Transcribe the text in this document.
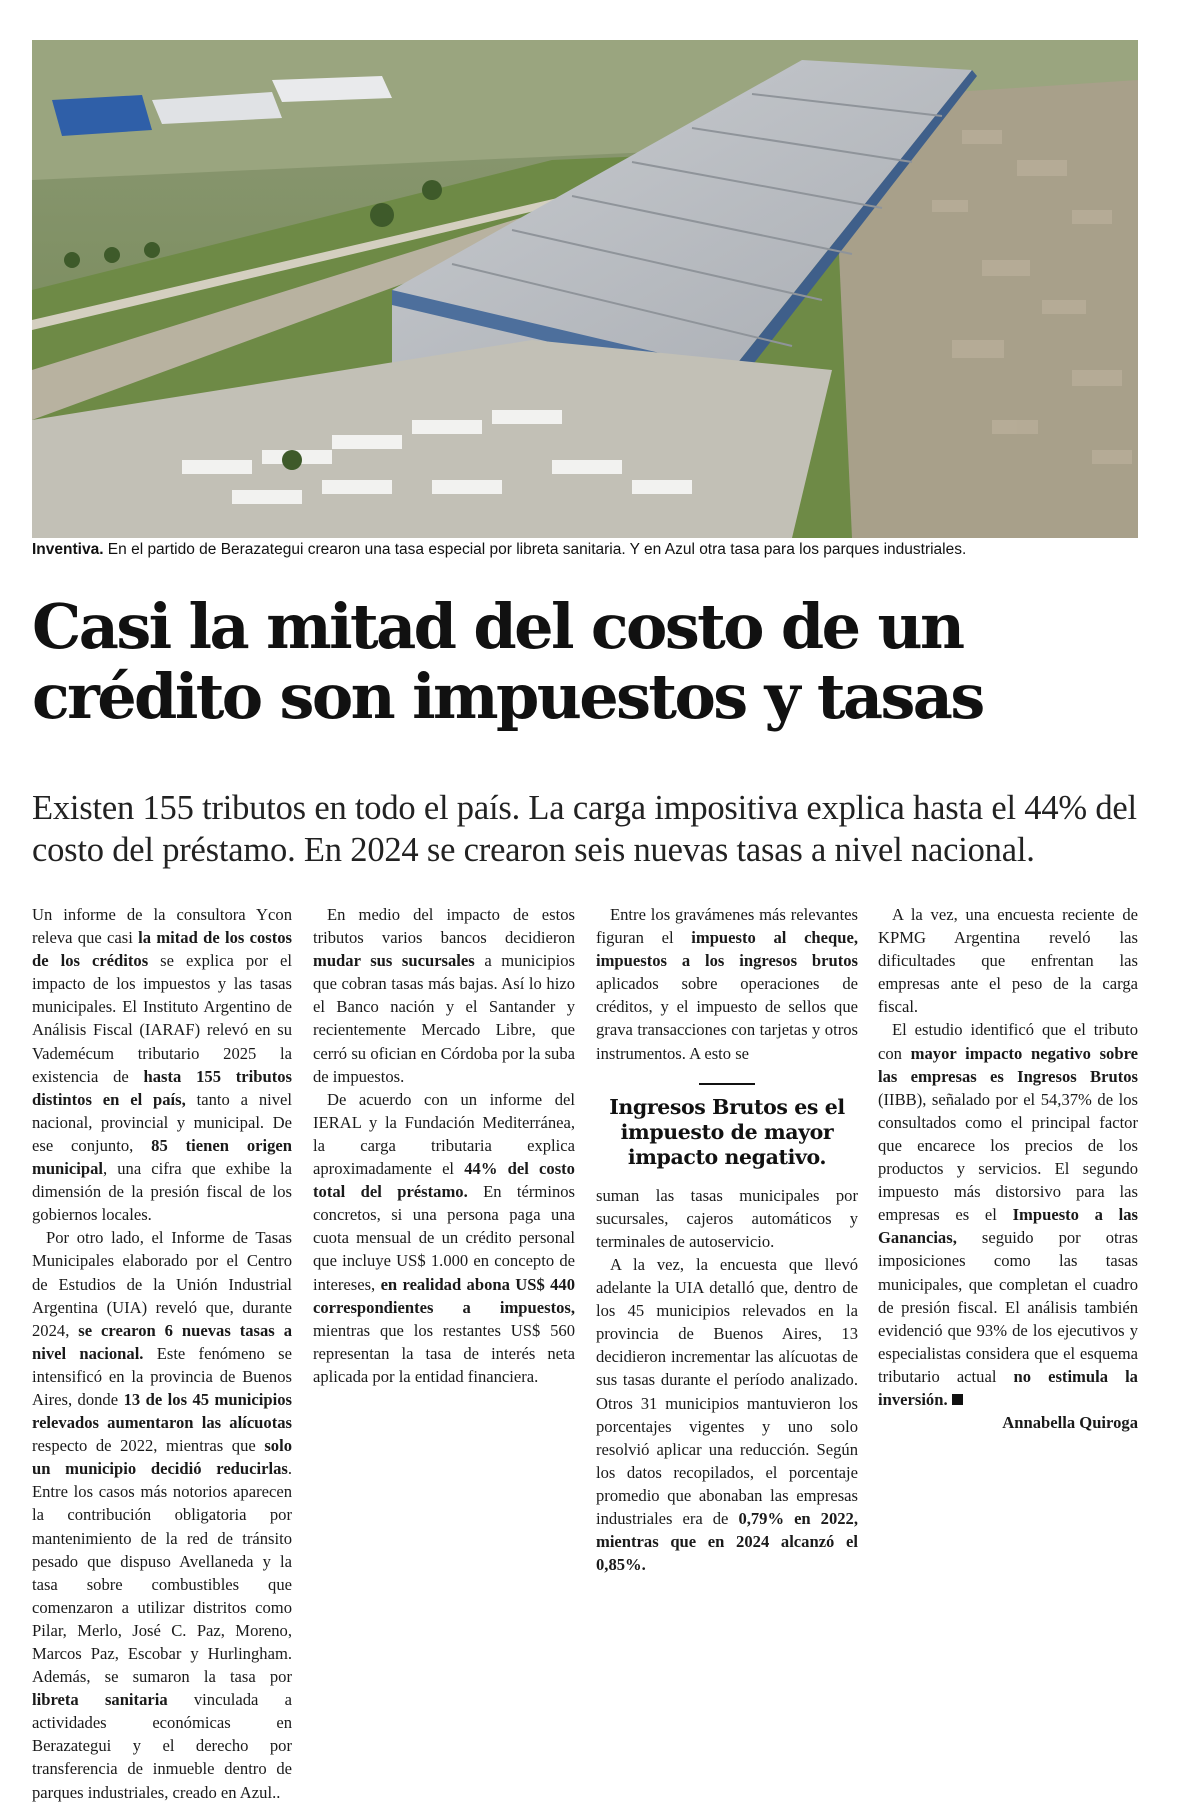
Inventiva. En el partido de Berazategui crearon una tasa especial por libreta sanitaria. Y en Azul otra tasa para los parques industriales.
Casi la mitad del costo de un crédito son impuestos y tasas

Existen 155 tributos en todo el país. La carga impositiva explica hasta el 44% del costo del préstamo. En 2024 se crearon seis nuevas tasas a nivel nacional.

Un informe de la consultora Ycon releva que casi la mitad de los costos de los créditos se explica por el impacto de los impuestos y las tasas municipales. El Instituto Argentino de Análisis Fiscal (IARAF) relevó en su Vademécum tributario 2025 la existencia de hasta 155 tributos distintos en el país, tanto a nivel nacional, provincial y municipal. De ese conjunto, 85 tienen origen municipal, una cifra que exhibe la dimensión de la presión fiscal de los gobiernos locales.

Por otro lado, el Informe de Tasas Municipales elaborado por el Centro de Estudios de la Unión Industrial Argentina (UIA) reveló que, durante 2024, se crearon 6 nuevas tasas a nivel nacional. Este fenómeno se intensificó en la provincia de Buenos Aires, donde 13 de los 45 municipios relevados aumentaron las alícuotas respecto de 2022, mientras que solo un municipio decidió reducirlas. Entre los casos más notorios aparecen la contribución obligatoria por mantenimiento de la red de tránsito pesado que dispuso Avellaneda y la tasa sobre combustibles que comenzaron a utilizar distritos como Pilar, Merlo, José C. Paz, Moreno, Marcos Paz, Escobar y Hurlingham. Además, se sumaron la tasa por libreta sanitaria vinculada a actividades económicas en Berazategui y el derecho por transferencia de inmueble dentro de parques industriales, creado en Azul..

En medio del impacto de estos tributos varios bancos decidieron mudar sus sucursales a municipios que cobran tasas más bajas. Así lo hizo el Banco nación y el Santander y recientemente Mercado Libre, que cerró su ofician en Córdoba por la suba de impuestos.

De acuerdo con un informe del IERAL y la Fundación Mediterránea, la carga tributaria explica aproximadamente el 44% del costo total del préstamo. En términos concretos, si una persona paga una cuota mensual de un crédito personal que incluye US$ 1.000 en concepto de intereses, en realidad abona US$ 440 correspondientes a impuestos, mientras que los restantes US$ 560 representan la tasa de interés neta aplicada por la entidad financiera.

Entre los gravámenes más relevantes figuran el impuesto al cheque, impuestos a los ingresos brutos aplicados sobre operaciones de créditos, y el impuesto de sellos que grava transacciones con tarjetas y otros instrumentos. A esto se

Ingresos Brutos es el impuesto de mayor impacto negativo.

suman las tasas municipales por sucursales, cajeros automáticos y terminales de autoservicio.

A la vez, la encuesta que llevó adelante la UIA detalló que, dentro de los 45 municipios relevados en la provincia de Buenos Aires, 13 decidieron incrementar las alícuotas de sus tasas durante el período analizado. Otros 31 municipios mantuvieron los porcentajes vigentes y uno solo resolvió aplicar una reducción. Según los datos recopilados, el porcentaje promedio que abonaban las empresas industriales era de 0,79% en 2022, mientras que en 2024 alcanzó el 0,85%.

A la vez, una encuesta reciente de KPMG Argentina reveló las dificultades que enfrentan las empresas ante el peso de la carga fiscal.

El estudio identificó que el tributo con mayor impacto negativo sobre las empresas es Ingresos Brutos (IIBB), señalado por el 54,37% de los consultados como el principal factor que encarece los precios de los productos y servicios. El segundo impuesto más distorsivo para las empresas es el Impuesto a las Ganancias, seguido por otras imposiciones como las tasas municipales, que completan el cuadro de presión fiscal. El análisis también evidenció que 93% de los ejecutivos y especialistas considera que el esquema tributario actual no estimula la inversión.

Annabella Quiroga
